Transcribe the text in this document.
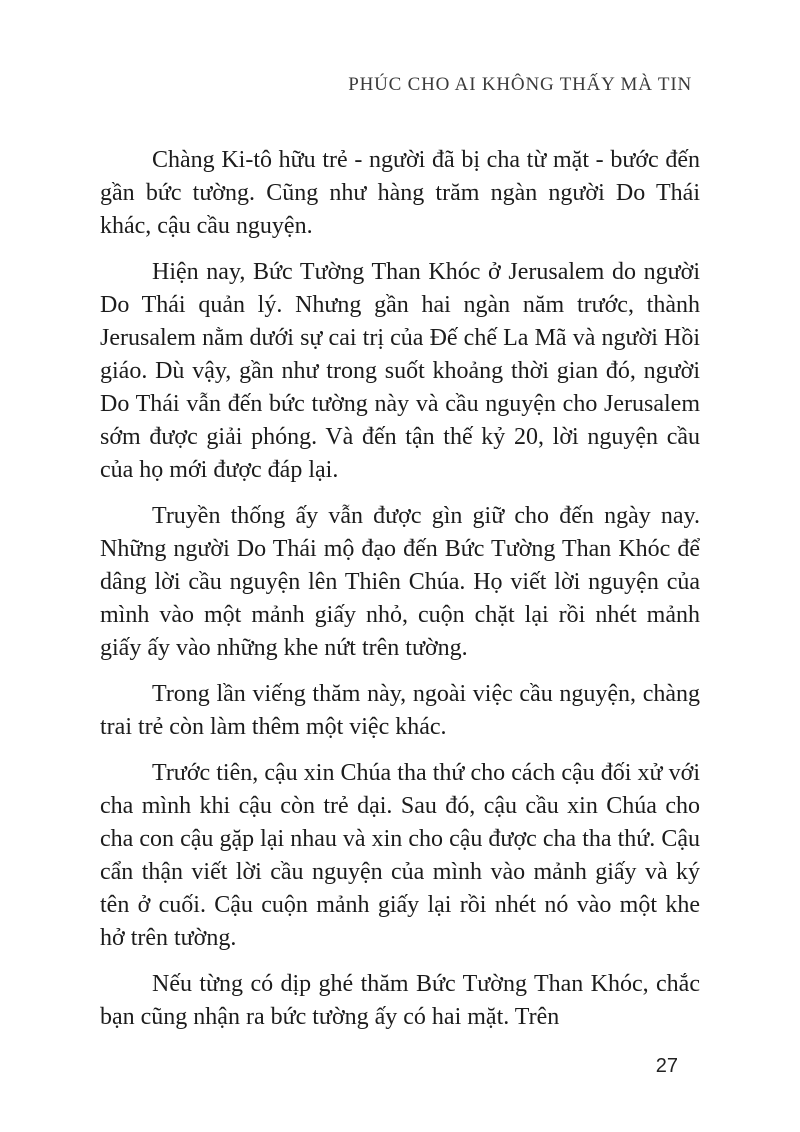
PHÚC CHO AI KHÔNG THẤY MÀ TIN

Chàng Ki-tô hữu trẻ - người đã bị cha từ mặt - bước đến gần bức tường. Cũng như hàng trăm ngàn người Do Thái khác, cậu cầu nguyện.

Hiện nay, Bức Tường Than Khóc ở Jerusalem do người Do Thái quản lý. Nhưng gần hai ngàn năm trước, thành Jerusalem nằm dưới sự cai trị của Đế chế La Mã và người Hồi giáo. Dù vậy, gần như trong suốt khoảng thời gian đó, người Do Thái vẫn đến bức tường này và cầu nguyện cho Jerusalem sớm được giải phóng. Và đến tận thế kỷ 20, lời nguyện cầu của họ mới được đáp lại.

Truyền thống ấy vẫn được gìn giữ cho đến ngày nay. Những người Do Thái mộ đạo đến Bức Tường Than Khóc để dâng lời cầu nguyện lên Thiên Chúa. Họ viết lời nguyện của mình vào một mảnh giấy nhỏ, cuộn chặt lại rồi nhét mảnh giấy ấy vào những khe nứt trên tường.

Trong lần viếng thăm này, ngoài việc cầu nguyện, chàng trai trẻ còn làm thêm một việc khác.

Trước tiên, cậu xin Chúa tha thứ cho cách cậu đối xử với cha mình khi cậu còn trẻ dại. Sau đó, cậu cầu xin Chúa cho cha con cậu gặp lại nhau và xin cho cậu được cha tha thứ. Cậu cẩn thận viết lời cầu nguyện của mình vào mảnh giấy và ký tên ở cuối. Cậu cuộn mảnh giấy lại rồi nhét nó vào một khe hở trên tường.

Nếu từng có dịp ghé thăm Bức Tường Than Khóc, chắc bạn cũng nhận ra bức tường ấy có hai mặt. Trên

27
